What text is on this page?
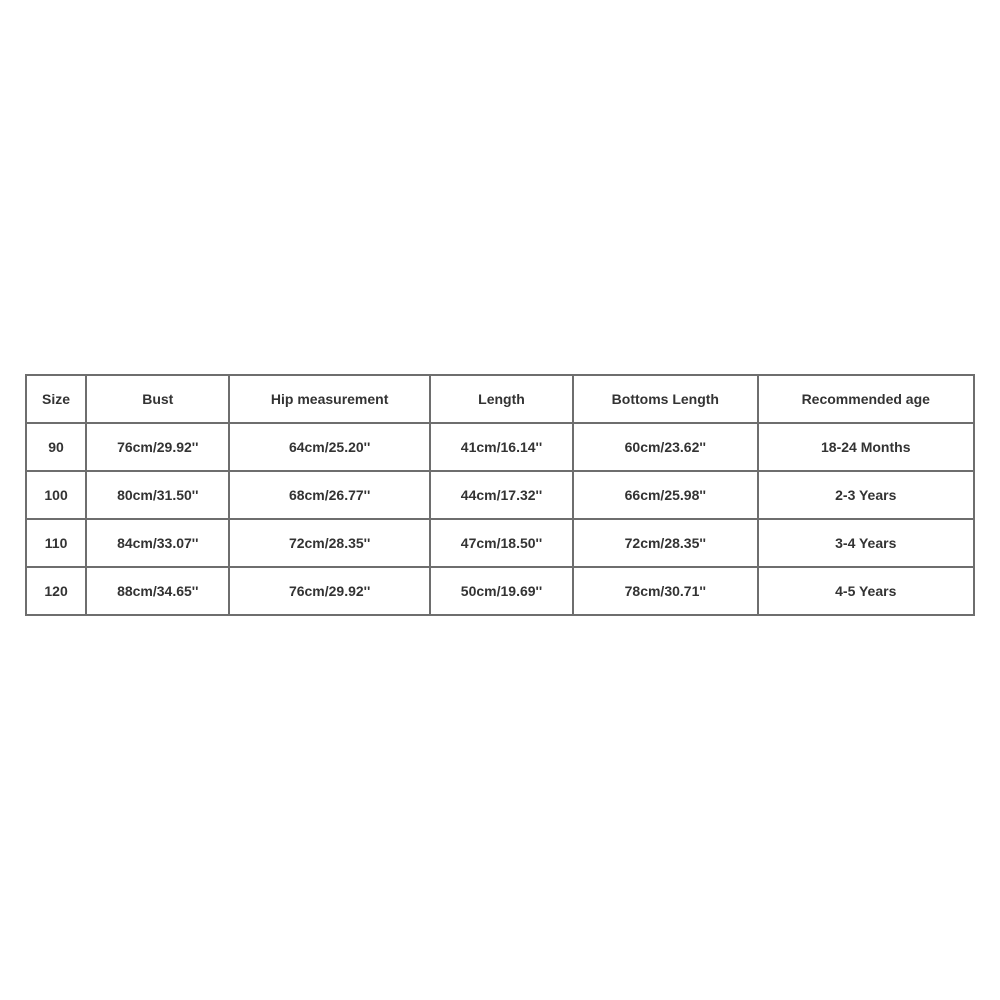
Size	Bust	Hip measurement	Length	Bottoms Length	Recommended age
90	76cm/29.92''	64cm/25.20''	41cm/16.14''	60cm/23.62''	18-24 Months
100	80cm/31.50''	68cm/26.77''	44cm/17.32''	66cm/25.98''	2-3 Years
110	84cm/33.07''	72cm/28.35''	47cm/18.50''	72cm/28.35''	3-4 Years
120	88cm/34.65''	76cm/29.92''	50cm/19.69''	78cm/30.71''	4-5 Years
